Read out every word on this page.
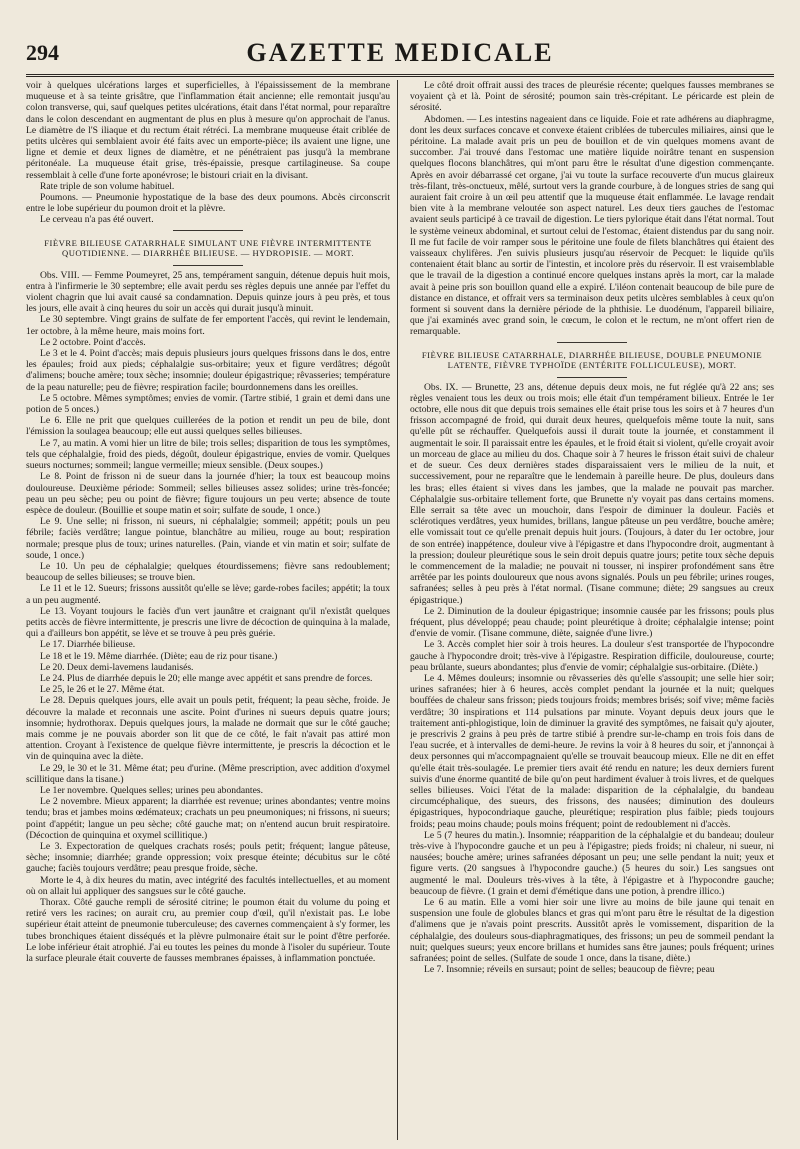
294	GAZETTE MEDICALE

voir à quelques ulcérations larges et superficielles, à l'épaississement de la membrane muqueuse et à sa teinte grisâtre, que l'inflammation était ancienne; elle remontait jusqu'au colon transverse, qui, sauf quelques petites ulcérations, était dans l'état normal, pour reparaître dans le colon descendant en augmentant de plus en plus à mesure qu'on approchait de l'anus. Le diamètre de l'S iliaque et du rectum était rétréci. La membrane muqueuse était criblée de petits ulcères qui semblaient avoir été faits avec un emporte-pièce; ils avaient une ligne, une ligne et demie et deux lignes de diamètre, et ne pénétraient pas jusqu'à la membrane péritonéale. La muqueuse était grise, très-épaissie, presque cartilagineuse. Sa coupe ressemblait à celle d'une forte aponévrose; le bistouri criait en la divisant.

Rate triple de son volume habituel.

Poumons. — Pneumonie hypostatique de la base des deux poumons. Abcès circonscrit entre le lobe supérieur du poumon droit et la plèvre.

Le cerveau n'a pas été ouvert.

FIÈVRE BILIEUSE CATARRHALE SIMULANT UNE FIÈVRE INTERMITTENTE QUOTIDIENNE. — DIARRHÉE BILIEUSE. — HYDROPISIE. — MORT.

Obs. VIII. — Femme Poumeyret, 25 ans, tempérament sanguin, détenue depuis huit mois, entra à l'infirmerie le 30 septembre; elle avait perdu ses règles depuis une année par l'effet du violent chagrin que lui avait causé sa condamnation. Depuis quinze jours à peu près, et tous les jours, elle avait à cinq heures du soir un accès qui durait jusqu'à minuit.

Le 30 septembre. Vingt grains de sulfate de fer emportent l'accès, qui revint le lendemain, 1er octobre, à la même heure, mais moins fort.

Le 2 octobre. Point d'accès.

Le 3 et le 4. Point d'accès; mais depuis plusieurs jours quelques frissons dans le dos, entre les épaules; froid aux pieds; céphalalgie sus-orbitaire; yeux et figure verdâtres; dégoût d'alimens; bouche amère; toux sèche; insomnie; douleur épigastrique; rêvasseries; température de la peau naturelle; peu de fièvre; respiration facile; bourdonnemens dans les oreilles.

Le 5 octobre. Mêmes symptômes; envies de vomir. (Tartre stibié, 1 grain et demi dans une potion de 5 onces.)

Le 6. Elle ne prit que quelques cuillerées de la potion et rendit un peu de bile, dont l'émission la soulagea beaucoup; elle eut aussi quelques selles bilieuses.

Le 7, au matin. A vomi hier un litre de bile; trois selles; disparition de tous les symptômes, tels que céphalalgie, froid des pieds, dégoût, douleur épigastrique, envies de vomir. Quelques sueurs nocturnes; sommeil; langue vermeille; mieux sensible. (Deux soupes.)

Le 8. Point de frisson ni de sueur dans la journée d'hier; la toux est beaucoup moins douloureuse. Deuxième période: Sommeil; selles bilieuses assez solides; urine très-foncée; peau un peu sèche; peu ou point de fièvre; figure toujours un peu verte; absence de toute espèce de douleur. (Bouillie et soupe matin et soir; sulfate de soude, 1 once.)

Le 9. Une selle; ni frisson, ni sueurs, ni céphalalgie; sommeil; appétit; pouls un peu fébrile; faciès verdâtre; langue pointue, blanchâtre au milieu, rouge au bout; respiration normale; presque plus de toux; urines naturelles. (Pain, viande et vin matin et soir; sulfate de soude, 1 once.)

Le 10. Un peu de céphalalgie; quelques étourdissemens; fièvre sans redoublement; beaucoup de selles bilieuses; se trouve bien.

Le 11 et le 12. Sueurs; frissons aussitôt qu'elle se lève; garde-robes faciles; appétit; la toux a un peu augmenté.

Le 13. Voyant toujours le faciès d'un vert jaunâtre et craignant qu'il n'existât quelques petits accès de fièvre intermittente, je prescris une livre de décoction de quinquina à la malade, qui a d'ailleurs bon appétit, se lève et se trouve à peu près guérie.

Le 17. Diarrhée bilieuse.

Le 18 et le 19. Même diarrhée. (Diète; eau de riz pour tisane.)

Le 20. Deux demi-lavemens laudanisés.

Le 24. Plus de diarrhée depuis le 20; elle mange avec appétit et sans prendre de forces.

Le 25, le 26 et le 27. Même état.

Le 28. Depuis quelques jours, elle avait un pouls petit, fréquent; la peau sèche, froide. Je découvre la malade et reconnais une ascite. Point d'urines ni sueurs depuis quatre jours; insomnie; hydrothorax. Depuis quelques jours, la malade ne dormait que sur le côté gauche; mais comme je ne pouvais aborder son lit que de ce côté, le fait n'avait pas attiré mon attention. Croyant à l'existence de quelque fièvre intermittente, je prescris la décoction et le vin de quinquina avec la diète.

Le 29, le 30 et le 31. Même état; peu d'urine. (Même prescription, avec addition d'oxymel scillitique dans la tisane.)

Le 1er novembre. Quelques selles; urines peu abondantes.

Le 2 novembre. Mieux apparent; la diarrhée est revenue; urines abondantes; ventre moins tendu; bras et jambes moins œdémateux; crachats un peu pneumoniques; ni frissons, ni sueurs; point d'appétit; langue un peu sèche; côté gauche mat; on n'entend aucun bruit respiratoire. (Décoction de quinquina et oxymel scillitique.)

Le 3. Expectoration de quelques crachats rosés; pouls petit; fréquent; langue pâteuse, sèche; insomnie; diarrhée; grande oppression; voix presque éteinte; décubitus sur le côté gauche; faciès toujours verdâtre; peau presque froide, sèche.

Morte le 4, à dix heures du matin, avec intégrité des facultés intellectuelles, et au moment où on allait lui appliquer des sangsues sur le côté gauche.

Thorax. Côté gauche rempli de sérosité citrine; le poumon était du volume du poing et retiré vers les racines; on aurait cru, au premier coup d'œil, qu'il n'existait pas. Le lobe supérieur était atteint de pneumonie tuberculeuse; des cavernes commençaient à s'y former, les tubes bronchiques étaient disséqués et la plèvre pulmonaire était sur le point d'être perforée. Le lobe inférieur était atrophié. J'ai eu toutes les peines du monde à l'isoler du supérieur. Toute la surface pleurale était couverte de fausses membranes épaisses, à inflammation ponctuée.

Le côté droit offrait aussi des traces de pleurésie récente; quelques fausses membranes se voyaient çà et là. Point de sérosité; poumon sain très-crépitant. Le péricarde est plein de sérosité.

Abdomen. — Les intestins nageaient dans ce liquide. Foie et rate adhérens au diaphragme, dont les deux surfaces concave et convexe étaient criblées de tubercules miliaires, ainsi que le péritoine. La malade avait pris un peu de bouillon et de vin quelques momens avant de succomber. J'ai trouvé dans l'estomac une matière liquide noirâtre tenant en suspension quelques flocons blanchâtres, qui m'ont paru être le résultat d'une digestion commençante. Après en avoir débarrassé cet organe, j'ai vu toute la surface recouverte d'un mucus glaireux très-filant, très-onctueux, mêlé, surtout vers la grande courbure, à de longues stries de sang qui auraient fait croire à un œil peu attentif que la muqueuse était enflammée. Le lavage rendait bien vite à la membrane veloutée son aspect naturel. Les deux tiers gauches de l'estomac avaient seuls participé à ce travail de digestion. Le tiers pylorique était dans l'état normal. Tout le système veineux abdominal, et surtout celui de l'estomac, étaient distendus par du sang noir. Il me fut facile de voir ramper sous le péritoine une foule de filets blanchâtres qui étaient des vaisseaux chylifères. J'en suivis plusieurs jusqu'au réservoir de Pecquet: le liquide qu'ils contenaient était blanc au sortir de l'intestin, et incolore près du réservoir. Il est vraisemblable que le travail de la digestion a continué encore quelques instans après la mort, car la malade avait à peine pris son bouillon quand elle a expiré. L'iléon contenait beaucoup de bile pure de distance en distance, et offrait vers sa terminaison deux petits ulcères semblables à ceux qu'on forment si souvent dans la dernière période de la phthisie. Le duodénum, l'appareil biliaire, que j'ai examinés avec grand soin, le cœcum, le colon et le rectum, ne m'ont offert rien de remarquable.

FIÈVRE BILIEUSE CATARRHALE, DIARRHÉE BILIEUSE, DOUBLE PNEUMONIE LATENTE, FIÈVRE TYPHOÏDE (ENTÉRITE FOLLICULEUSE), MORT.

Obs. IX. — Brunette, 23 ans, détenue depuis deux mois, ne fut réglée qu'à 22 ans; ses règles venaient tous les deux ou trois mois; elle était d'un tempérament bilieux. Entrée le 1er octobre, elle nous dit que depuis trois semaines elle était prise tous les soirs et à 7 heures d'un frisson accompagné de froid, qui durait deux heures, quelquefois même toute la nuit, sans qu'elle pût se réchauffer. Quelquefois aussi il durait toute la journée, et constamment il augmentait le soir. Il paraissait entre les épaules, et le froid était si violent, qu'elle croyait avoir un morceau de glace au milieu du dos. Chaque soir à 7 heures le frisson était suivi de chaleur et de sueur. Ces deux dernières stades disparaissaient vers le milieu de la nuit, et successivement, pour ne reparaître que le lendemain à pareille heure. De plus, douleurs dans les bras; elles étaient si vives dans les jambes, que la malade ne pouvait pas marcher. Céphalalgie sus-orbitaire tellement forte, que Brunette n'y voyait pas dans certains momens. Elle serrait sa tête avec un mouchoir, dans l'espoir de diminuer la douleur. Faciès et sclérotiques verdâtres, yeux humides, brillans, langue pâteuse un peu verdâtre, bouche amère; elle vomissait tout ce qu'elle prenait depuis huit jours. (Toujours, à dater du 1er octobre, jour de son entrée) inappétence, douleur vive à l'épigastre et dans l'hypocondre droit, augmentant à la pression; douleur pleurétique sous le sein droit depuis quatre jours; petite toux sèche depuis le commencement de la maladie; ne pouvait ni tousser, ni inspirer profondément sans être arrêtée par les points douloureux que nous avons signalés. Pouls un peu fébrile; urines rouges, safranées; selles à peu près à l'état normal. (Tisane commune; diète; 29 sangsues au creux épigastrique.)

Le 2. Diminution de la douleur épigastrique; insomnie causée par les frissons; pouls plus fréquent, plus développé; peau chaude; point pleurétique à droite; céphalalgie intense; point d'envie de vomir. (Tisane commune, diète, saignée d'une livre.)

Le 3. Accès complet hier soir à trois heures. La douleur s'est transportée de l'hypocondre gauche à l'hypocondre droit; très-vive à l'épigastre. Respiration difficile, douloureuse, courte; peau brûlante, sueurs abondantes; plus d'envie de vomir; céphalalgie sus-orbitaire. (Diète.)

Le 4. Mêmes douleurs; insomnie ou rêvasseries dès qu'elle s'assoupit; une selle hier soir; urines safranées; hier à 6 heures, accès complet pendant la journée et la nuit; quelques bouffées de chaleur sans frisson; pieds toujours froids; membres brisés; soif vive; même faciès verdâtre; 30 inspirations et 114 pulsations par minute. Voyant depuis deux jours que le traitement anti-phlogistique, loin de diminuer la gravité des symptômes, ne faisait qu'y ajouter, je prescrivis 2 grains à peu près de tartre stibié à prendre sur-le-champ en trois fois dans de l'eau sucrée, et à intervalles de demi-heure. Je revins la voir à 8 heures du soir, et j'annonçai à deux personnes qui m'accompagnaient qu'elle se trouvait beaucoup mieux. Elle ne dit en effet qu'elle était très-soulagée. Le premier tiers avait été rendu en nature; les deux derniers furent suivis d'une énorme quantité de bile qu'on peut hardiment évaluer à trois livres, et de quelques selles bilieuses. Voici l'état de la malade: disparition de la céphalalgie, du bandeau circumcéphalique, des sueurs, des frissons, des nausées; diminution des douleurs épigastriques, hypocondriaque gauche, pleurétique; respiration plus faible; pieds toujours froids; peau moins chaude; pouls moins fréquent; point de redoublement ni d'accès.

Le 5 (7 heures du matin.). Insomnie; réapparition de la céphalalgie et du bandeau; douleur très-vive à l'hypocondre gauche et un peu à l'épigastre; pieds froids; ni chaleur, ni sueur, ni nausées; bouche amère; urines safranées déposant un peu; une selle pendant la nuit; yeux et figure verts. (20 sangsues à l'hypocondre gauche.) (5 heures du soir.) Les sangsues ont augmenté le mal. Douleurs très-vives à la tête, à l'épigastre et à l'hypocondre gauche; beaucoup de fièvre. (1 grain et demi d'émétique dans une potion, à prendre illico.)

Le 6 au matin. Elle a vomi hier soir une livre au moins de bile jaune qui tenait en suspension une foule de globules blancs et gras qui m'ont paru être le résultat de la digestion d'alimens que je n'avais point prescrits. Aussitôt après le vomissement, disparition de la céphalalgie, des douleurs sous-diaphragmatiques, des frissons; un peu de sommeil pendant la nuit; quelques sueurs; yeux encore brillans et humides sans être jaunes; pouls fréquent; urines safranées; point de selles. (Sulfate de soude 1 once, dans la tisane, diète.)

Le 7. Insomnie; réveils en sursaut; point de selles; beaucoup de fièvre; peau
